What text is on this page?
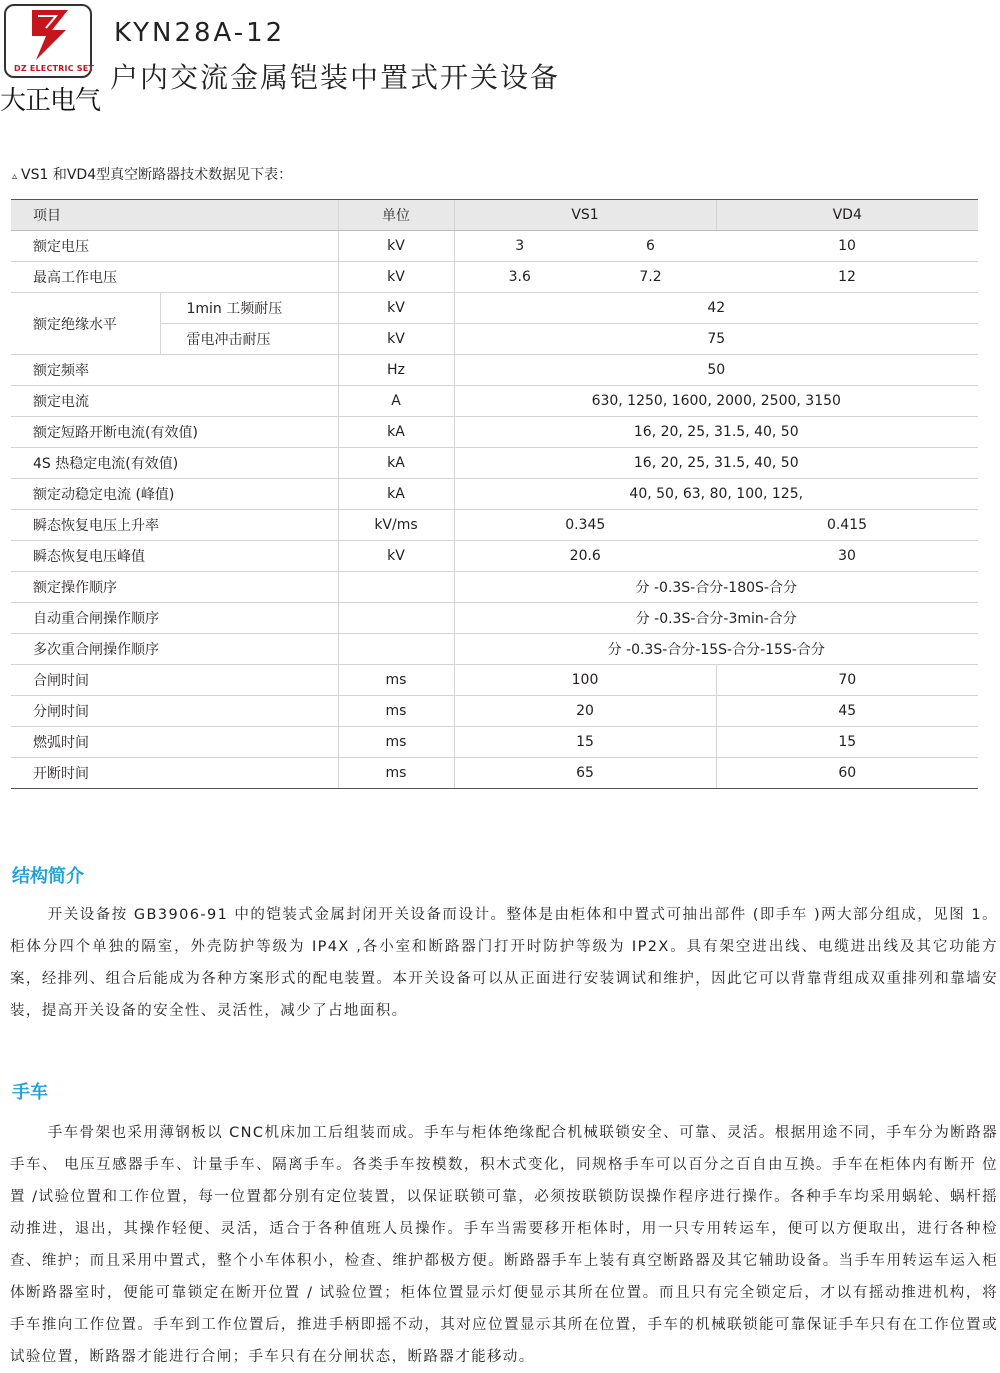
DZ ELECTRIC SET
大正电气
KYN28A-12
户内交流金属铠装中置式开关设备
▵ VS1 和VD4型真空断路器技术数据见下表：
项目		单位	VS1		VD4
额定电压		kV	3	6	10
最高工作电压		kV	3.6	7.2	12
额定绝缘水平	1min 工频耐压	kV	42		
	雷电冲击耐压	kV	75		
额定频率		Hz	50		
额定电流		A	630, 1250, 1600, 2000, 2500, 3150		
额定短路开断电流(有效值)		kA	16, 20, 25, 31.5, 40, 50		
4S 热稳定电流(有效值)		kA	16, 20, 25, 31.5, 40, 50		
额定动稳定电流 (峰值)		kA	40, 50, 63, 80, 100, 125,		
瞬态恢复电压上升率		kV/ms	0.345		0.415
瞬态恢复电压峰值		kV	20.6		30
额定操作顺序			分 -0.3S-合分-180S-合分		
自动重合闸操作顺序			分 -0.3S-合分-3min-合分		
多次重合闸操作顺序			分 -0.3S-合分-15S-合分-15S-合分		
合闸时间		ms	100		70
分闸时间		ms	20		45
燃弧时间		ms	15		15
开断时间		ms	65		60
结构简介

开关设备按 GB3906-91 中的铠装式金属封闭开关设备而设计。整体是由柜体和中置式可抽出部件 (即手车 )两大部分组成，见图 1。柜体分四个单独的隔室，外壳防护等级为 IP4X ,各小室和断路器门打开时防护等级为 IP2X。具有架空进出线、电缆进出线及其它功能方案，经排列、组合后能成为各种方案形式的配电装置。本开关设备可以从正面进行安装调试和维护，因此它可以背靠背组成双重排列和靠墙安装，提高开关设备的安全性、灵活性，减少了占地面积。

手车

手车骨架也采用薄钢板以 CNC机床加工后组装而成。手车与柜体绝缘配合机械联锁安全、可靠、灵活。根据用途不同，手车分为断路器手车、 电压互感器手车、计量手车、隔离手车。各类手车按模数，积木式变化，同规格手车可以百分之百自由互换。手车在柜体内有断开 位置 /试验位置和工作位置，每一位置都分别有定位装置，以保证联锁可靠，必须按联锁防误操作程序进行操作。各种手车均采用蜗轮、蜗杆摇动推进，退出，其操作轻便、灵活，适合于各种值班人员操作。手车当需要移开柜体时，用一只专用转运车，便可以方便取出，进行各种检查、维护；而且采用中置式，整个小车体积小，检查、维护都极方便。断路器手车上装有真空断路器及其它辅助设备。当手车用转运车运入柜体断路器室时，便能可靠锁定在断开位置 / 试验位置；柜体位置显示灯便显示其所在位置。而且只有完全锁定后，才以有摇动推进机构，将手车推向工作位置。手车到工作位置后，推进手柄即摇不动，其对应位置显示其所在位置，手车的机械联锁能可靠保证手车只有在工作位置或试验位置，断路器才能进行合闸；手车只有在分闸状态，断路器才能移动。
